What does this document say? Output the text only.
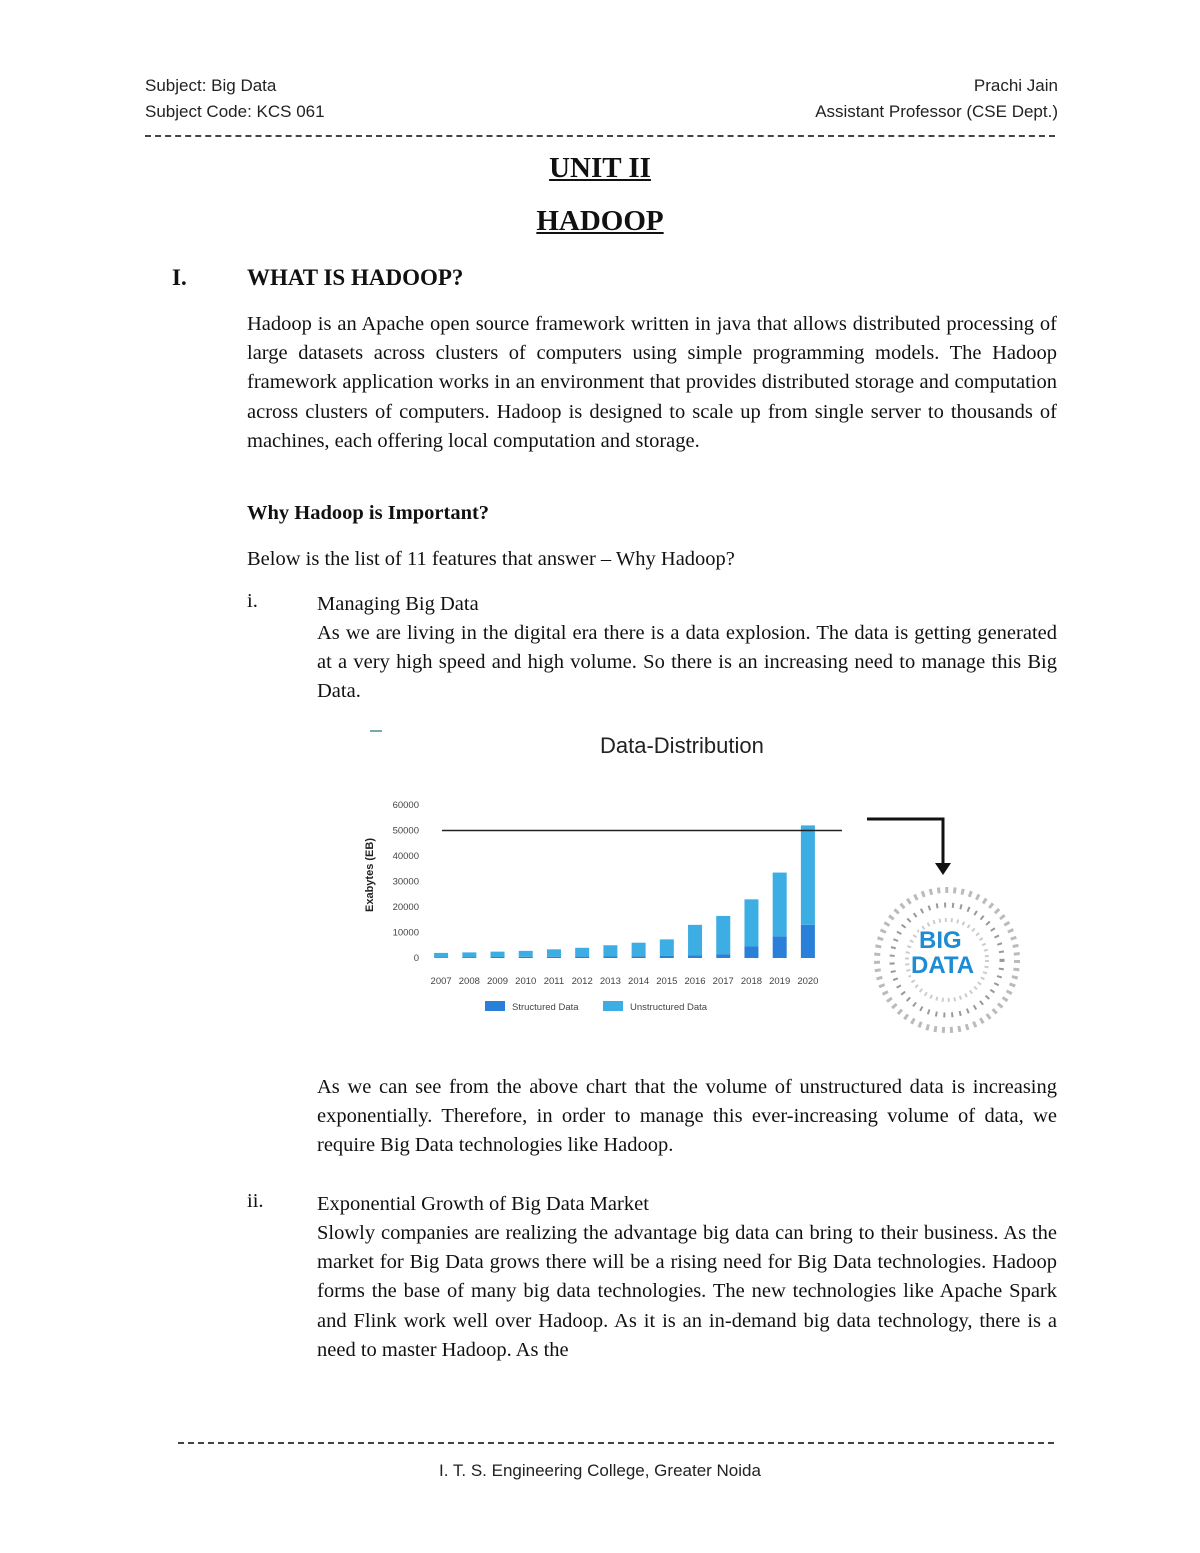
Subject: Big Data
Subject Code: KCS 061
Prachi Jain
Assistant Professor (CSE Dept.)
UNIT II
HADOOP
I.	WHAT IS HADOOP?
Hadoop is an Apache open source framework written in java that allows distributed processing of large datasets across clusters of computers using simple programming models. The Hadoop framework application works in an environment that provides distributed storage and computation across clusters of computers. Hadoop is designed to scale up from single server to thousands of machines, each offering local computation and storage.
Why Hadoop is Important?
Below is the list of 11 features that answer – Why Hadoop?
i.	Managing Big Data
As we are living in the digital era there is a data explosion. The data is getting generated at a very high speed and high volume. So there is an increasing need to manage this Big Data.
Data-Distribution
Exabytes (EB)
0
10000
20000
30000
40000
50000
60000
2007 2008 2009 2010 2011 2012 2013 2014 2015 2016 2017 2018 2019 2020
Structured Data	Unstructured Data
BIG
DATA
As we can see from the above chart that the volume of unstructured data is increasing exponentially. Therefore, in order to manage this ever-increasing volume of data, we require Big Data technologies like Hadoop.
ii.	Exponential Growth of Big Data Market
Slowly companies are realizing the advantage big data can bring to their business. As the market for Big Data grows there will be a rising need for Big Data technologies. Hadoop forms the base of many big data technologies. The new technologies like Apache Spark and Flink work well over Hadoop. As it is an in-demand big data technology, there is a need to master Hadoop. As the
I. T. S. Engineering College, Greater Noida
